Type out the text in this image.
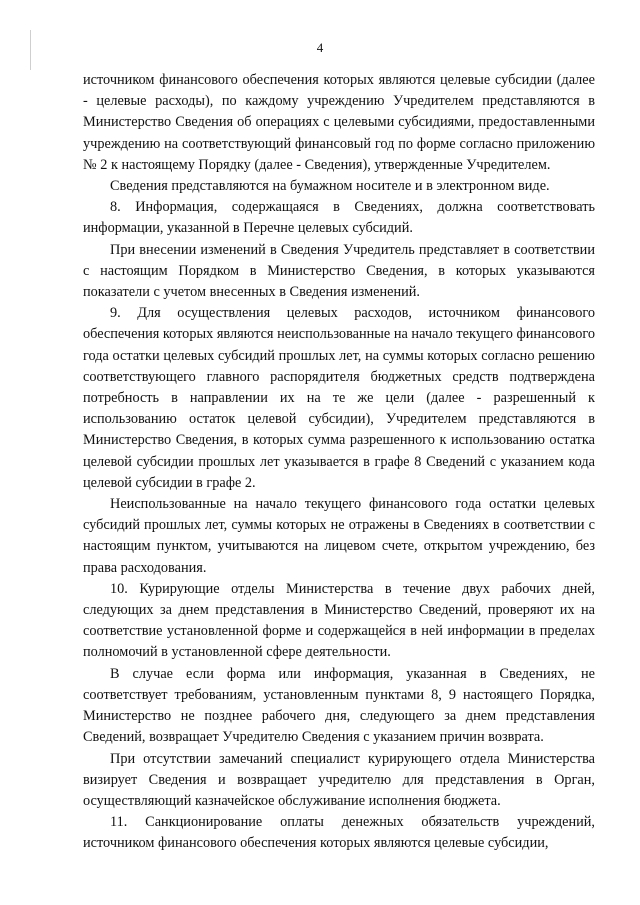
4

источником финансового обеспечения которых являются целевые субсидии (далее - целевые расходы), по каждому учреждению Учредителем представляются в Министерство Сведения об операциях с целевыми субсидиями, предоставленными учреждению на соответствующий финансовый год по форме согласно приложению № 2 к настоящему Порядку (далее - Сведения), утвержденные Учредителем.

Сведения представляются на бумажном носителе и в электронном виде.

8. Информация, содержащаяся в Сведениях, должна соответствовать информации, указанной в Перечне целевых субсидий.

При внесении изменений в Сведения Учредитель представляет в соответствии с настоящим Порядком в Министерство Сведения, в которых указываются показатели с учетом внесенных в Сведения изменений.

9. Для осуществления целевых расходов, источником финансового обеспечения которых являются неиспользованные на начало текущего финансового года остатки целевых субсидий прошлых лет, на суммы которых согласно решению соответствующего главного распорядителя бюджетных средств подтверждена потребность в направлении их на те же цели (далее - разрешенный к использованию остаток целевой субсидии), Учредителем представляются в Министерство Сведения, в которых сумма разрешенного к использованию остатка целевой субсидии прошлых лет указывается в графе 8 Сведений с указанием кода целевой субсидии в графе 2.

Неиспользованные на начало текущего финансового года остатки целевых субсидий прошлых лет, суммы которых не отражены в Сведениях в соответствии с настоящим пунктом, учитываются на лицевом счете, открытом учреждению, без права расходования.

10. Курирующие отделы Министерства в течение двух рабочих дней, следующих за днем представления в Министерство Сведений, проверяют их на соответствие установленной форме и содержащейся в ней информации в пределах полномочий в установленной сфере деятельности.

В случае если форма или информация, указанная в Сведениях, не соответствует требованиям, установленным пунктами 8, 9 настоящего Порядка, Министерство не позднее рабочего дня, следующего за днем представления Сведений, возвращает Учредителю Сведения с указанием причин возврата.

При отсутствии замечаний специалист курирующего отдела Министерства визирует Сведения и возвращает учредителю для представления в Орган, осуществляющий казначейское обслуживание исполнения бюджета.

11. Санкционирование оплаты денежных обязательств учреждений, источником финансового обеспечения которых являются целевые субсидии,
